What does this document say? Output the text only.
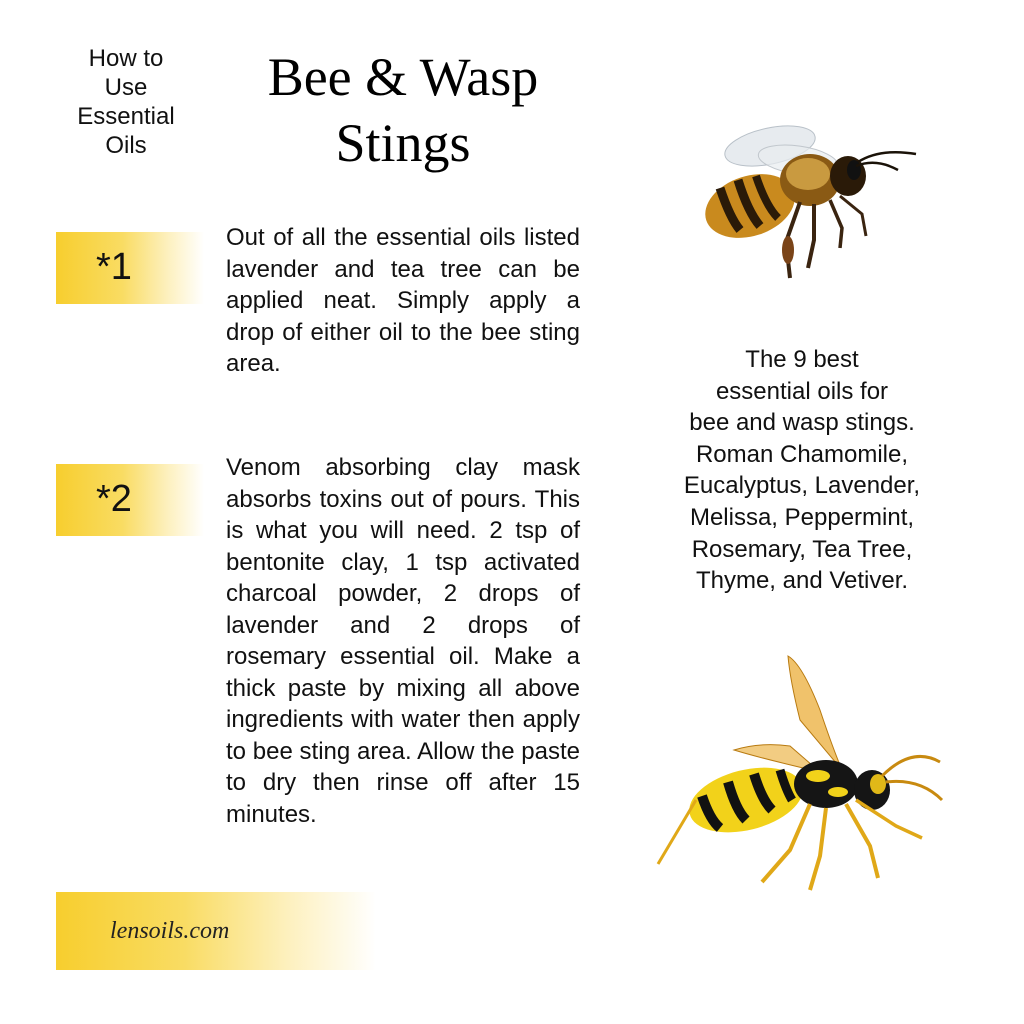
How to
Use
Essential
Oils
Bee & Wasp
Stings
*1

Out of all the essential oils listed lavender and tea tree can be applied neat. Simply apply a drop of either oil to the bee sting area.

*2

Venom absorbing clay mask absorbs toxins out of pours. This is what you will need. 2 tsp of bentonite clay, 1 tsp activated charcoal powder, 2 drops of lavender and 2 drops of rosemary essential oil. Make a thick paste by mixing all above ingredients with water then apply to bee sting area. Allow the paste to dry then rinse off after 15 minutes.

The 9 best
essential oils for
bee and wasp stings.
Roman Chamomile,
Eucalyptus, Lavender,
Melissa, Peppermint,
Rosemary, Tea Tree,
Thyme, and Vetiver.
lensoils.com
